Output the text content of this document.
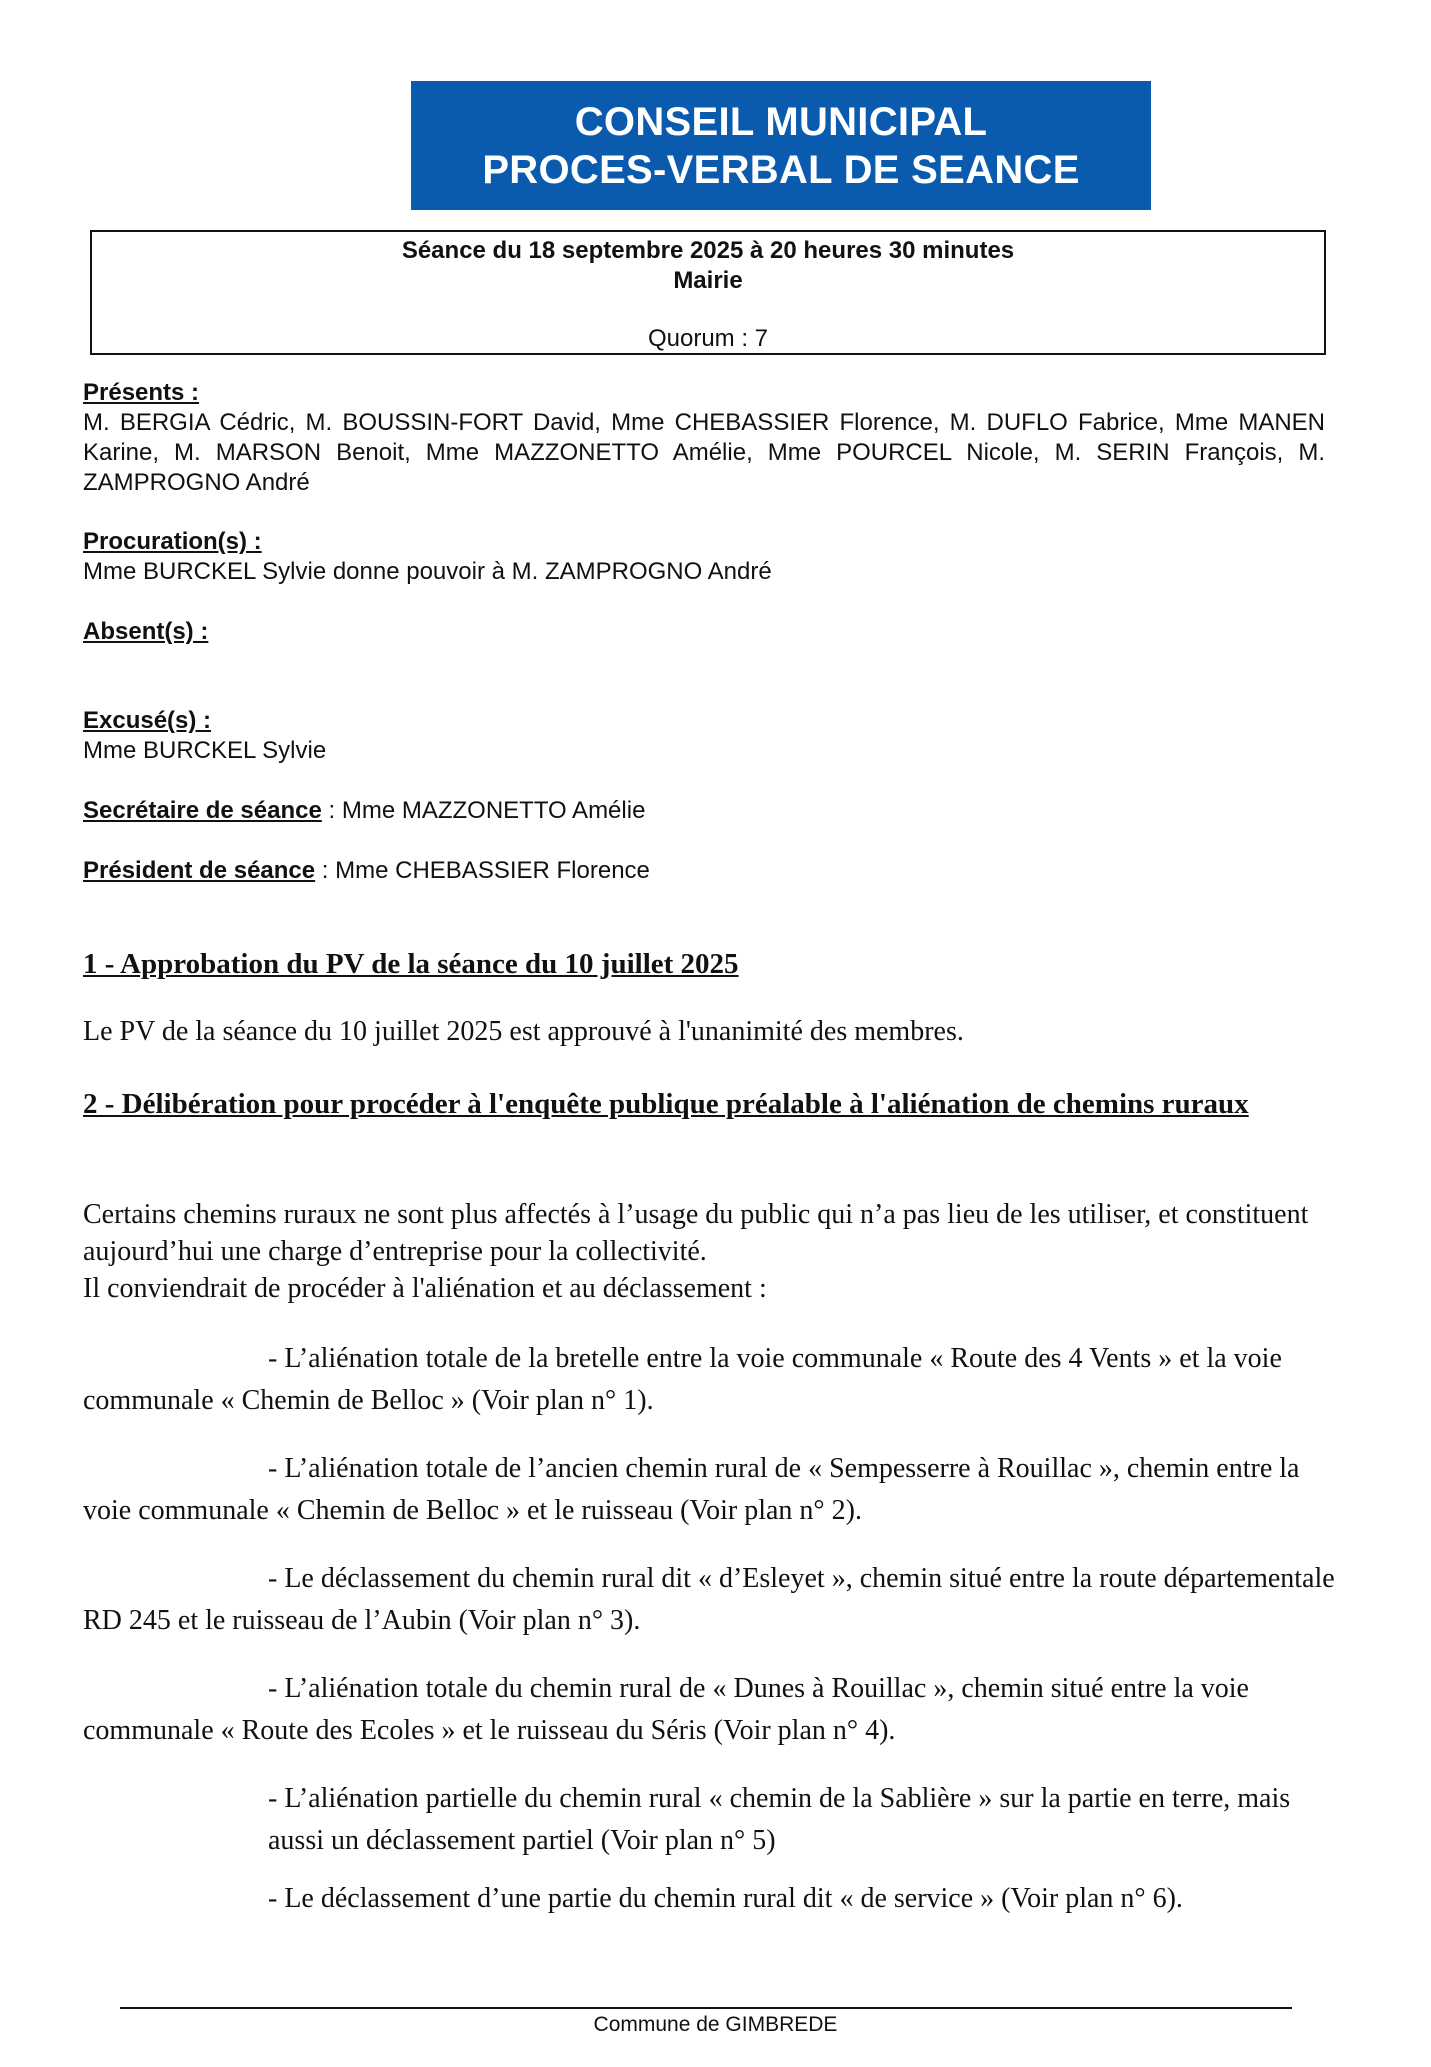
CONSEIL MUNICIPAL
PROCES-VERBAL DE SEANCE
Séance du 18 septembre 2025 à 20 heures 30 minutes
Mairie
Quorum : 7
Présents :
M. BERGIA Cédric, M. BOUSSIN-FORT David, Mme CHEBASSIER Florence, M. DUFLO Fabrice, Mme MANEN Karine, M. MARSON Benoit, Mme MAZZONETTO Amélie, Mme POURCEL Nicole, M. SERIN François, M. ZAMPROGNO André
Procuration(s) :
Mme BURCKEL Sylvie donne pouvoir à M. ZAMPROGNO André
Absent(s) :
Excusé(s) :
Mme BURCKEL Sylvie
Secrétaire de séance : Mme MAZZONETTO Amélie
Président de séance : Mme CHEBASSIER Florence
1 - Approbation du PV de la séance du 10 juillet 2025
Le PV de la séance du 10 juillet 2025 est approuvé à l'unanimité des membres.
2 - Délibération pour procéder à l'enquête publique préalable à l'aliénation de chemins ruraux
Certains chemins ruraux ne sont plus affectés à l’usage du public qui n’a pas lieu de les utiliser, et constituent aujourd’hui une charge d’entreprise pour la collectivité.
Il conviendrait de procéder à l'aliénation et au déclassement :
- L’aliénation totale de la bretelle entre la voie communale « Route des 4 Vents » et la voie communale « Chemin de Belloc » (Voir plan n° 1).
- L’aliénation totale de l’ancien chemin rural de « Sempesserre à Rouillac », chemin entre la voie communale « Chemin de Belloc » et le ruisseau (Voir plan n° 2).
- Le déclassement du chemin rural dit « d’Esleyet », chemin situé entre la route départementale RD 245 et le ruisseau de l’Aubin (Voir plan n° 3).
- L’aliénation totale du chemin rural de « Dunes à Rouillac », chemin situé entre la voie communale « Route des Ecoles » et le ruisseau du Séris (Voir plan n° 4).
- L’aliénation partielle du chemin rural « chemin de la Sablière » sur la partie en terre, mais aussi un déclassement partiel (Voir plan n° 5)
- Le déclassement d’une partie du chemin rural dit « de service » (Voir plan n° 6).
Commune de GIMBREDE
